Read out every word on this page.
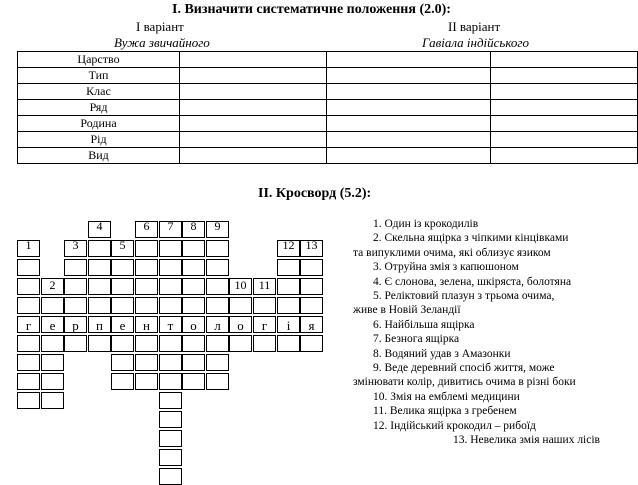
I. Визначити систематичне положення (2.0):
І варіант
Вужа звичайного
ІІ варіант
Гавіала індійського
Царство			
Тип			
Клас			
Ряд			
Родина			
Рід			
Вид			
II. Кросворд (5.2):
г
1
е
2
р
3
п
4
е
5
н
6
т
7
о
8
л
9
о
10
г
11
і
12
я
13
1. Один із крокодилів
2. Скельна ящірка з чіпкими кінцівками
та випуклими очима, які облизує язиком
3. Отруйна змія з капюшоном
4. Є слонова, зелена, шкіряста, болотяна
5. Реліктовий плазун з трьома очима,
живе в Новій Зеландії
6. Найбільша ящірка
7. Безнога ящірка
8. Водяний удав з Амазонки
9. Веде деревний спосіб життя, може
змінювати колір, дивитись очима в різні боки
10. Змія на емблемі медицини
11. Велика ящірка з гребенем
12. Індійський крокодил – рибоїд
13. Невелика змія наших лісів
